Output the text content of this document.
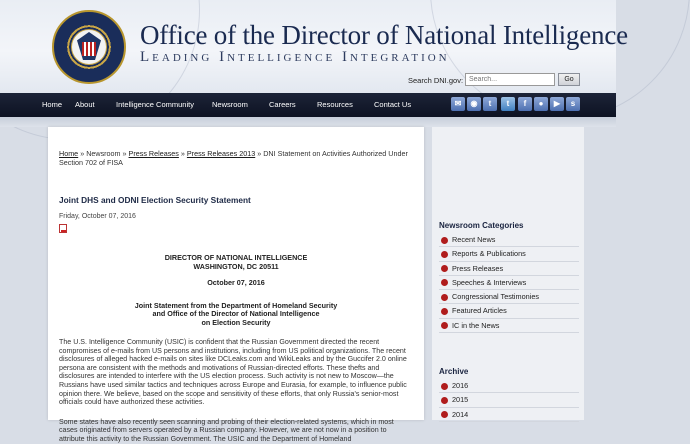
Office of the Director of National Intelligence
Leading Intelligence Integration
Search DNI.gov:
Search...	Go
Home About	Intelligence Community Newsroom	Careers	Resources	Contact Us	✉	◉	t	t	f	●	▶	s
Home » Newsroom » Press Releases » Press Releases 2013 » DNI Statement on Activities Authorized Under Section 702 of FISA
Joint DHS and ODNI Election Security Statement
Friday, October 07, 2016
DIRECTOR OF NATIONAL INTELLIGENCE
WASHINGTON, DC 20511
October 07, 2016
Joint Statement from the Department of Homeland Security
and Office of the Director of National Intelligence
on Election Security
The U.S. Intelligence Community (USIC) is confident that the Russian Government directed the recent compromises of e-mails from US persons and institutions, including from US political organizations. The recent disclosures of alleged hacked e-mails on sites like DCLeaks.com and WikiLeaks and by the Guccifer 2.0 online persona are consistent with the methods and motivations of Russian-directed efforts. These thefts and disclosures are intended to interfere with the US election process. Such activity is not new to Moscow—the Russians have used similar tactics and techniques across Europe and Eurasia, for example, to influence public opinion there. We believe, based on the scope and sensitivity of these efforts, that only Russia's senior-most officials could have authorized these activities.
Some states have also recently seen scanning and probing of their election-related systems, which in most cases originated from servers operated by a Russian company. However, we are not now in a position to attribute this activity to the Russian Government. The USIC and the Department of Homeland
Newsroom Categories
Recent News
Reports & Publications
Press Releases
Speeches & Interviews
Congressional Testimonies
Featured Articles
IC in the News
Archive
2016
2015
2014
